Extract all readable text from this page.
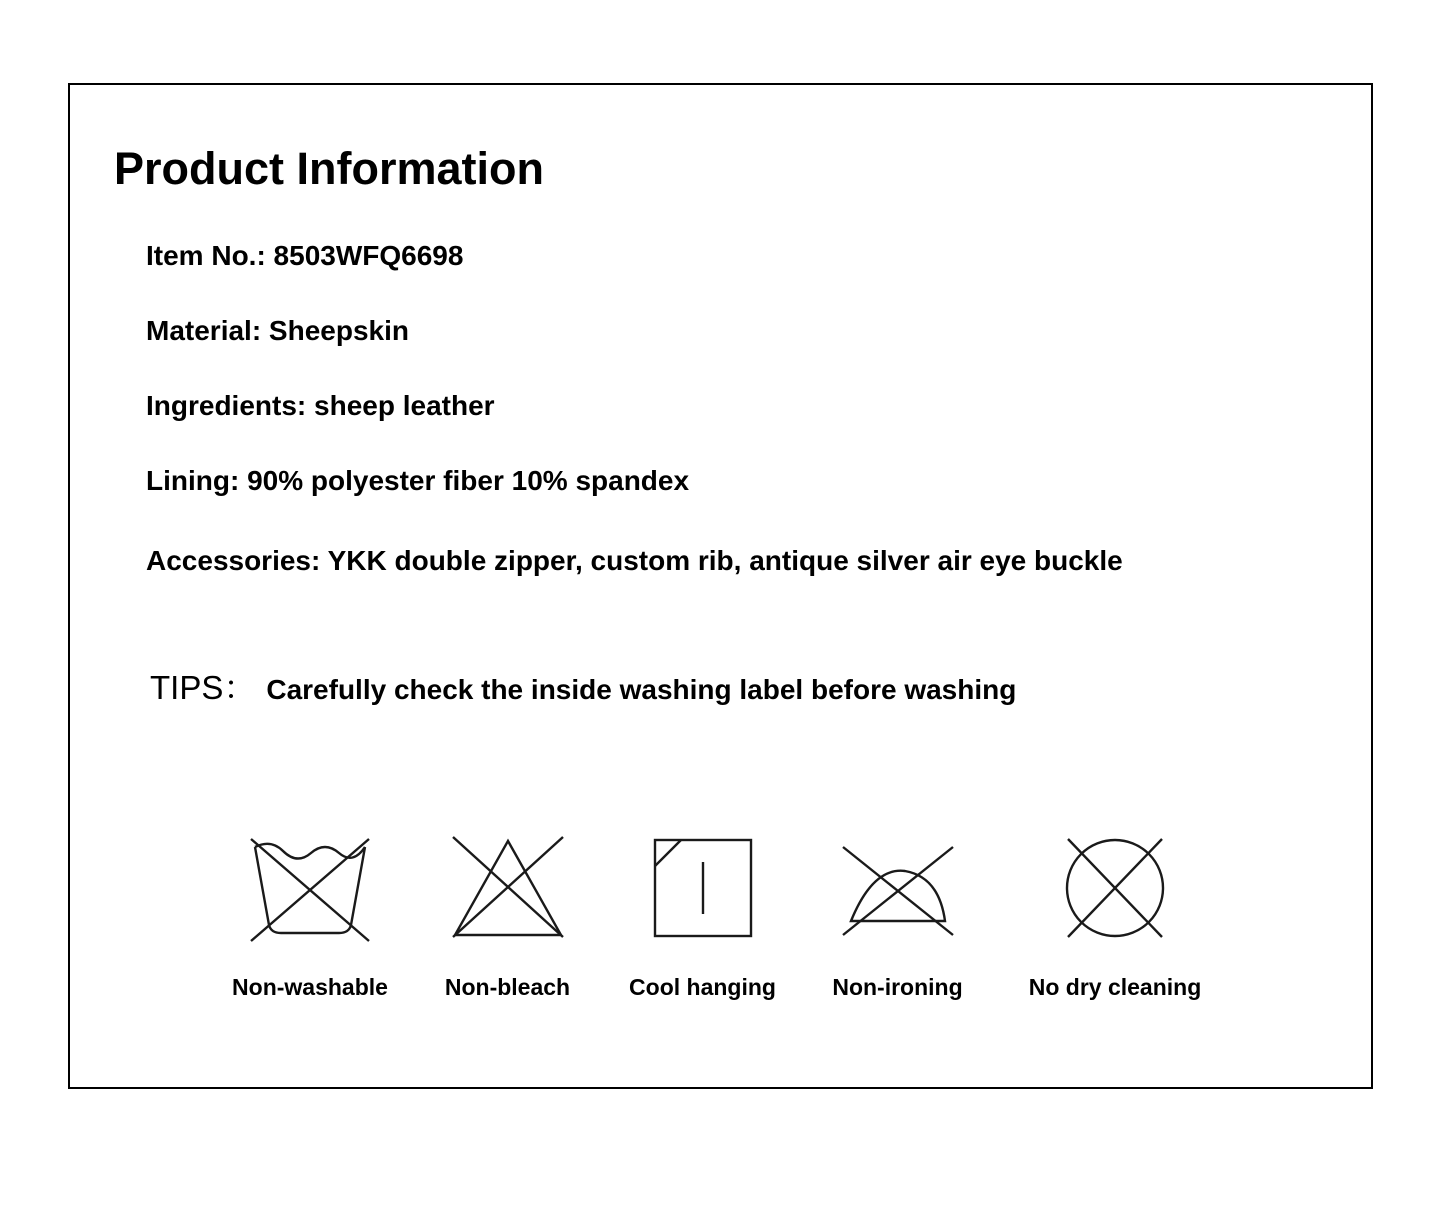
Product Information
Item No.: 8503WFQ6698
Material: Sheepskin
Ingredients: sheep leather
Lining: 90% polyester fiber 10% spandex
Accessories: YKK double zipper, custom rib, antique silver air eye buckle
TIPS： Carefully check the inside washing label before washing
Non-washable Non-bleach	Cool hanging Non-ironing	No dry cleaning
